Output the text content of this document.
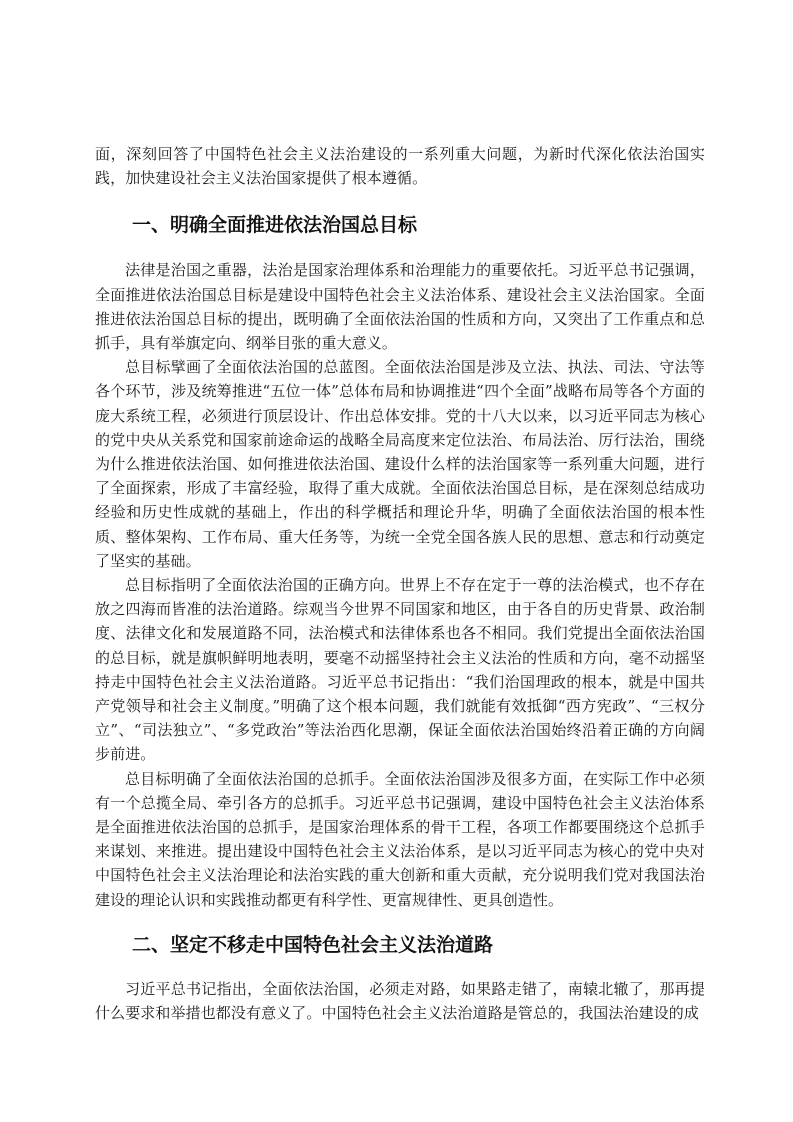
面，深刻回答了中国特色社会主义法治建设的一系列重大问题，为新时代深化依法治国实践，加快建设社会主义法治国家提供了根本遵循。

一、明确全面推进依法治国总目标

法律是治国之重器，法治是国家治理体系和治理能力的重要依托。习近平总书记强调，全面推进依法治国总目标是建设中国特色社会主义法治体系、建设社会主义法治国家。全面推进依法治国总目标的提出，既明确了全面依法治国的性质和方向，又突出了工作重点和总抓手，具有举旗定向、纲举目张的重大意义。

总目标擘画了全面依法治国的总蓝图。全面依法治国是涉及立法、执法、司法、守法等各个环节，涉及统筹推进“五位一体”总体布局和协调推进“四个全面”战略布局等各个方面的庞大系统工程，必须进行顶层设计、作出总体安排。党的十八大以来，以习近平同志为核心的党中央从关系党和国家前途命运的战略全局高度来定位法治、布局法治、厉行法治，围绕为什么推进依法治国、如何推进依法治国、建设什么样的法治国家等一系列重大问题，进行了全面探索，形成了丰富经验，取得了重大成就。全面依法治国总目标，是在深刻总结成功经验和历史性成就的基础上，作出的科学概括和理论升华，明确了全面依法治国的根本性质、整体架构、工作布局、重大任务等，为统一全党全国各族人民的思想、意志和行动奠定了坚实的基础。

总目标指明了全面依法治国的正确方向。世界上不存在定于一尊的法治模式，也不存在放之四海而皆准的法治道路。综观当今世界不同国家和地区，由于各自的历史背景、政治制度、法律文化和发展道路不同，法治模式和法律体系也各不相同。我们党提出全面依法治国的总目标，就是旗帜鲜明地表明，要毫不动摇坚持社会主义法治的性质和方向，毫不动摇坚持走中国特色社会主义法治道路。习近平总书记指出：“我们治国理政的根本，就是中国共产党领导和社会主义制度。”明确了这个根本问题，我们就能有效抵御“西方宪政”、“三权分立”、“司法独立”、“多党政治”等法治西化思潮，保证全面依法治国始终沿着正确的方向阔步前进。

总目标明确了全面依法治国的总抓手。全面依法治国涉及很多方面，在实际工作中必须有一个总揽全局、牵引各方的总抓手。习近平总书记强调，建设中国特色社会主义法治体系是全面推进依法治国的总抓手，是国家治理体系的骨干工程，各项工作都要围绕这个总抓手来谋划、来推进。提出建设中国特色社会主义法治体系，是以习近平同志为核心的党中央对中国特色社会主义法治理论和法治实践的重大创新和重大贡献，充分说明我们党对我国法治建设的理论认识和实践推动都更有科学性、更富规律性、更具创造性。

二、坚定不移走中国特色社会主义法治道路

习近平总书记指出，全面依法治国，必须走对路，如果路走错了，南辕北辙了，那再提什么要求和举措也都没有意义了。中国特色社会主义法治道路是管总的，我国法治建设的成
